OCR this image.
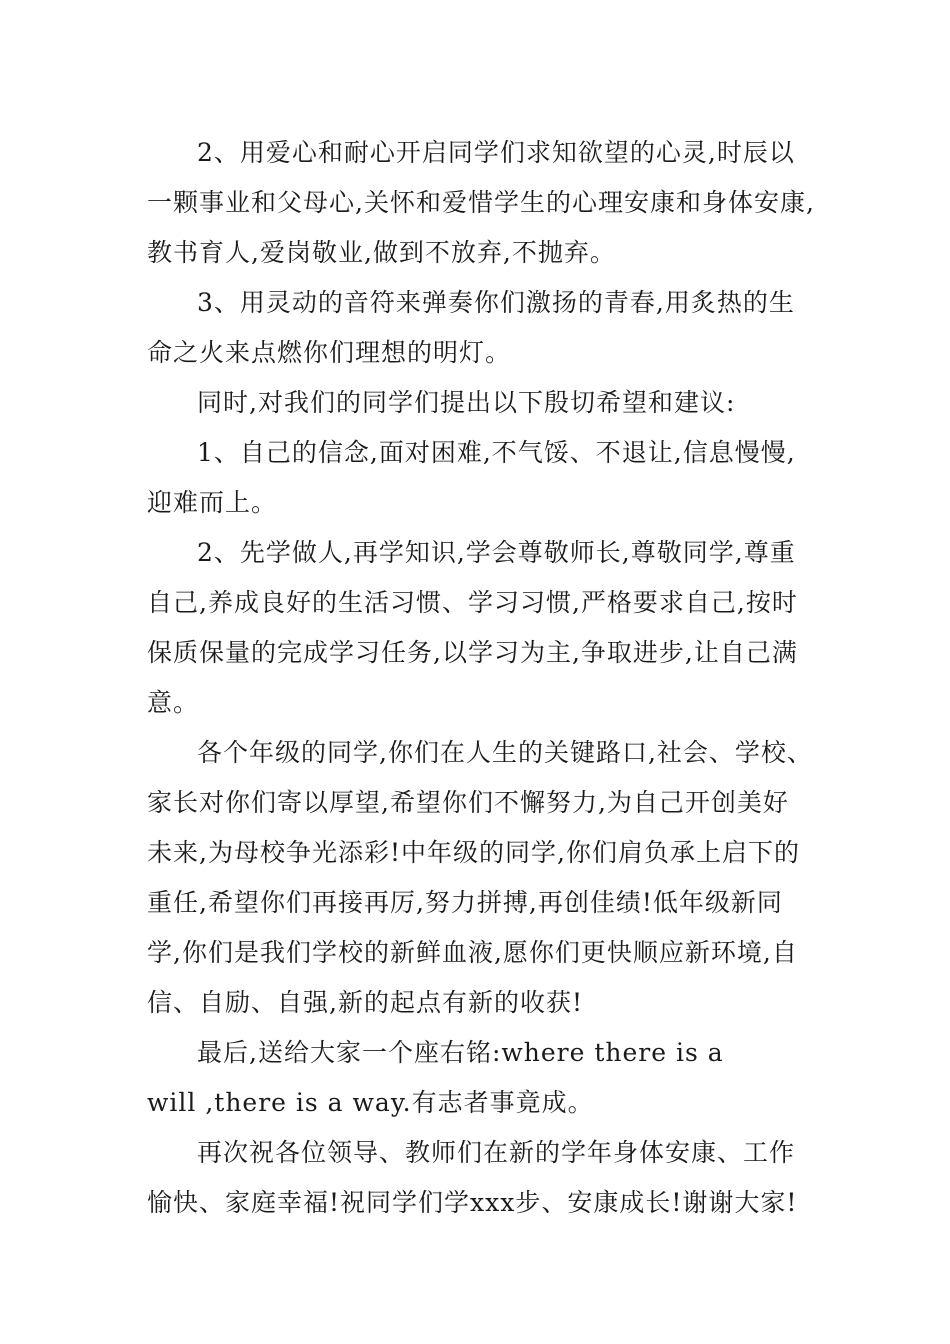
2、用爱心和耐心开启同学们求知欲望的心灵,时辰以

一颗事业和父母心,关怀和爱惜学生的心理安康和身体安康,

教书育人,爱岗敬业,做到不放弃,不抛弃。

3、用灵动的音符来弹奏你们激扬的青春,用炙热的生

命之火来点燃你们理想的明灯。

同时,对我们的同学们提出以下殷切希望和建议:

1、自己的信念,面对困难,不气馁、不退让,信息慢慢,

迎难而上。

2、先学做人,再学知识,学会尊敬师长,尊敬同学,尊重

自己,养成良好的生活习惯、学习习惯,严格要求自己,按时

保质保量的完成学习任务,以学习为主,争取进步,让自己满

意。

各个年级的同学,你们在人生的关键路口,社会、学校、

家长对你们寄以厚望,希望你们不懈努力,为自己开创美好

未来,为母校争光添彩!中年级的同学,你们肩负承上启下的

重任,希望你们再接再厉,努力拼搏,再创佳绩!低年级新同

学,你们是我们学校的新鲜血液,愿你们更快顺应新环境,自

信、自励、自强,新的起点有新的收获!

最后,送给大家一个座右铭:where there is a

will ,there is a way.有志者事竟成。

再次祝各位领导、教师们在新的学年身体安康、工作

愉快、家庭幸福!祝同学们学xxx步、安康成长!谢谢大家!
